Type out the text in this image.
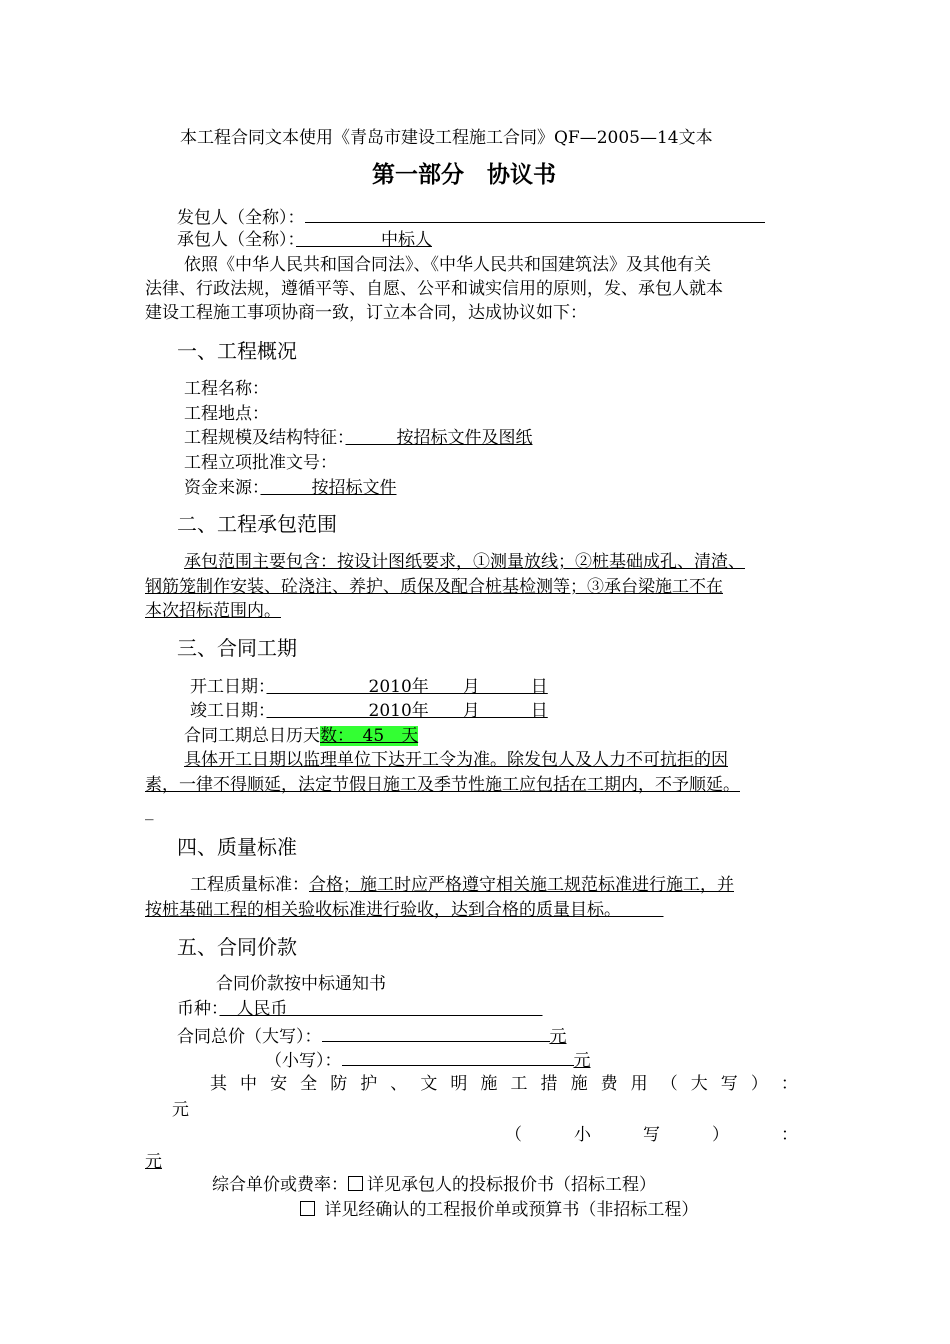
本工程合同文本使用《青岛市建设工程施工合同》QF—2005—14文本
第一部分　协议书
发包人（全称）：
承包人（全称）：　　　　　	中标人
依照《中华人民共和国合同法》、《中华人民共和国建筑法》及其他有关
法律、行政法规，遵循平等、自愿、公平和诚实信用的原则，发、承包人就本
建设工程施工事项协商一致，订立本合同，达成协议如下：
一、工程概况
工程名称：
工程地点：
工程规模及结构特征：　　　	按招标文件及图纸
工程立项批准文号：
资金来源：　　　	按招标文件
二、工程承包范围
承包范围主要包含：按设计图纸要求，①测量放线；②桩基础成孔、清渣、
钢筋笼制作安装、砼浇注、养护、质保及配合桩基检测等；③承台梁施工不在
本次招标范围内。
三、合同工期
开工日期：　　　　　　	2010年　　月　　　日
竣工日期：　　　　　　	2010年　　月　　　日
合同工期总日历天数：　45　天
具体开工日期以监理单位下达开工令为准。除发包人及人力不可抗拒的因
素，一律不得顺延，法定节假日施工及季节性施工应包括在工期内，不予顺延。
_
四、质量标准
工程质量标准：合格；施工时应严格遵守相关施工规范标准进行施工，并
按桩基础工程的相关验收标准进行验收，达到合格的质量目标。　　　
五、合同价款
合同价款按中标通知书
币种：　 人民币　　　　　　　　　　　　　　　
合同总价（大写）：	元
（小写）：	元
其 中 安 全 防 护 、 文 明 施 工 措 施 费 用 （ 大 写 ） ：
元
（	小	写	）	：
元
综合单价或费率： 详见承包人的投标报价书（招标工程）
详见经确认的工程报价单或预算书（非招标工程）
